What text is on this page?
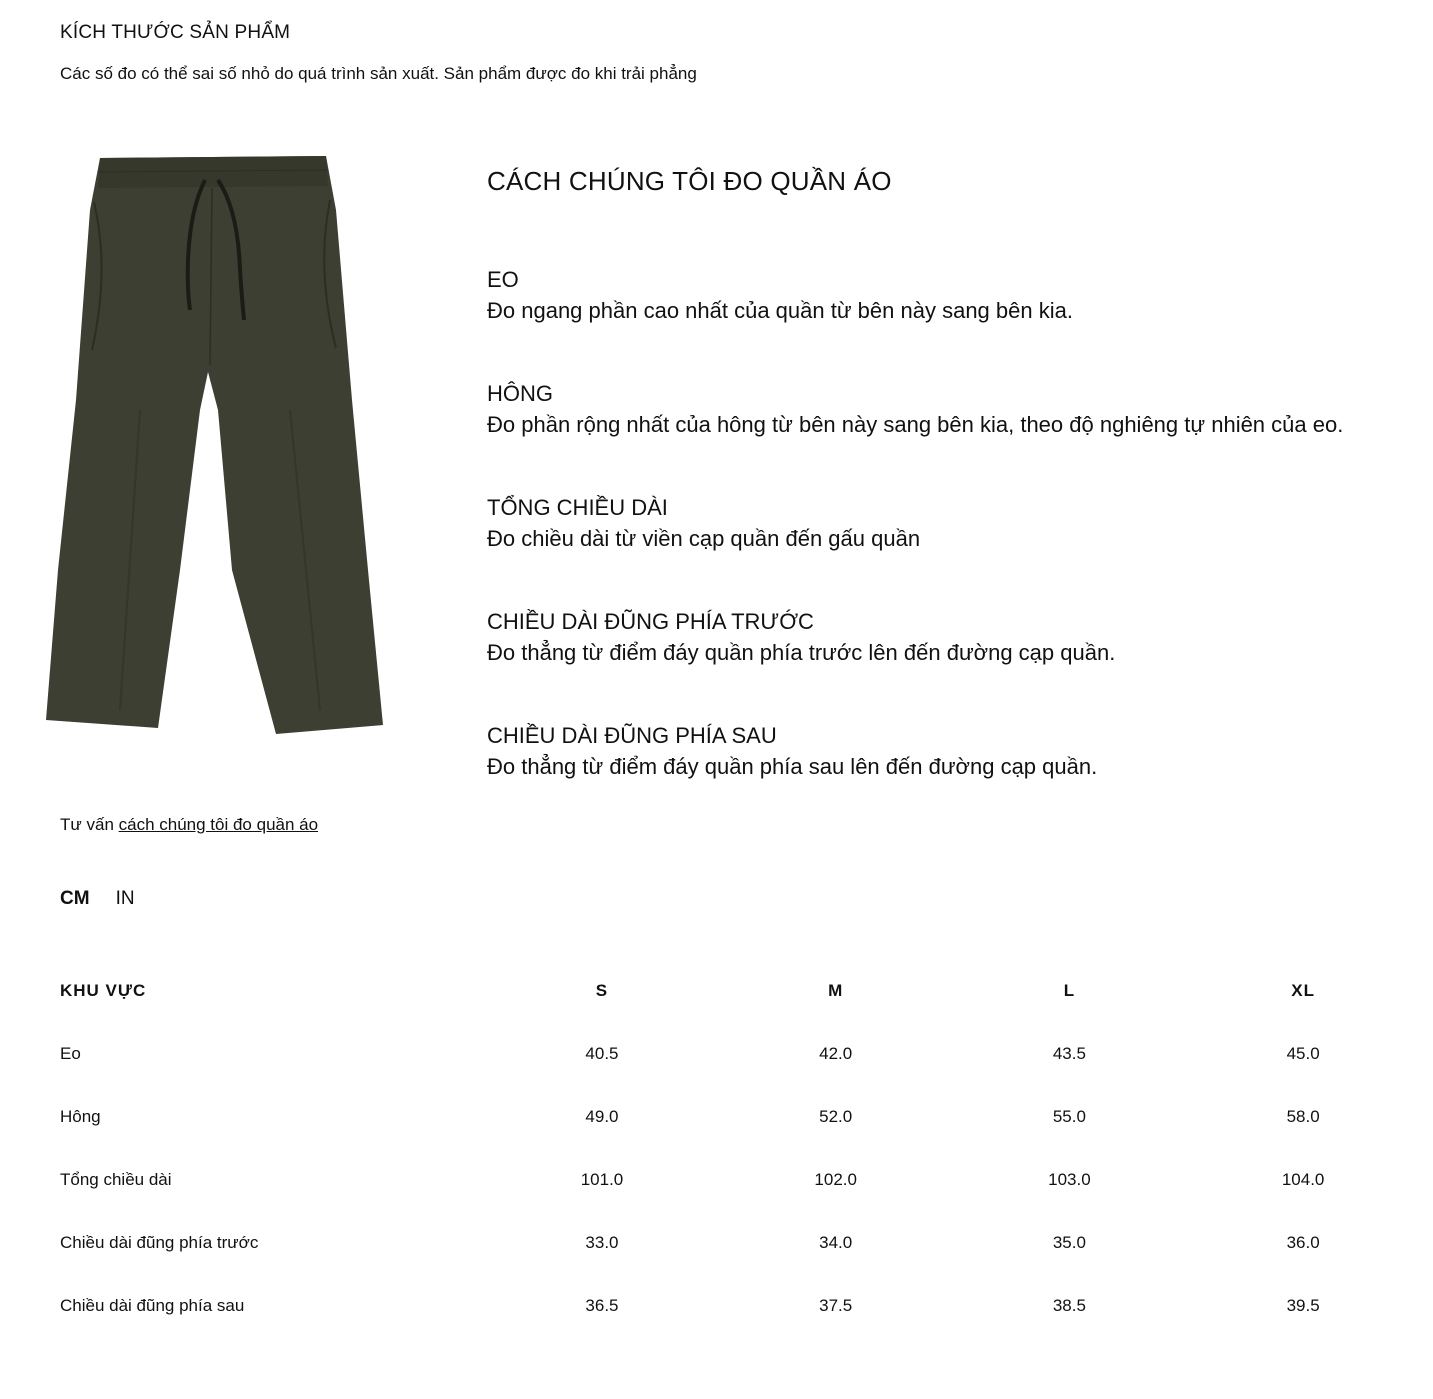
KÍCH THƯỚC SẢN PHẨM

Các số đo có thể sai số nhỏ do quá trình sản xuất. Sản phẩm được đo khi trải phẳng

CÁCH CHÚNG TÔI ĐO QUẦN ÁO

EO

Đo ngang phần cao nhất của quần từ bên này sang bên kia.

HÔNG

Đo phần rộng nhất của hông từ bên này sang bên kia, theo độ nghiêng tự nhiên của eo.

TỔNG CHIỀU DÀI

Đo chiều dài từ viền cạp quần đến gấu quần

CHIỀU DÀI ĐŨNG PHÍA TRƯỚC

Đo thẳng từ điểm đáy quần phía trước lên đến đường cạp quần.

CHIỀU DÀI ĐŨNG PHÍA SAU

Đo thẳng từ điểm đáy quần phía sau lên đến đường cạp quần.

Tư vấn cách chúng tôi đo quần áo
CM IN
KHU VỰC	S	M	L	XL
Eo	40.5	42.0	43.5	45.0
Hông	49.0	52.0	55.0	58.0
Tổng chiều dài	101.0	102.0	103.0	104.0
Chiều dài đũng phía trước	33.0	34.0	35.0	36.0
Chiều dài đũng phía sau	36.5	37.5	38.5	39.5
